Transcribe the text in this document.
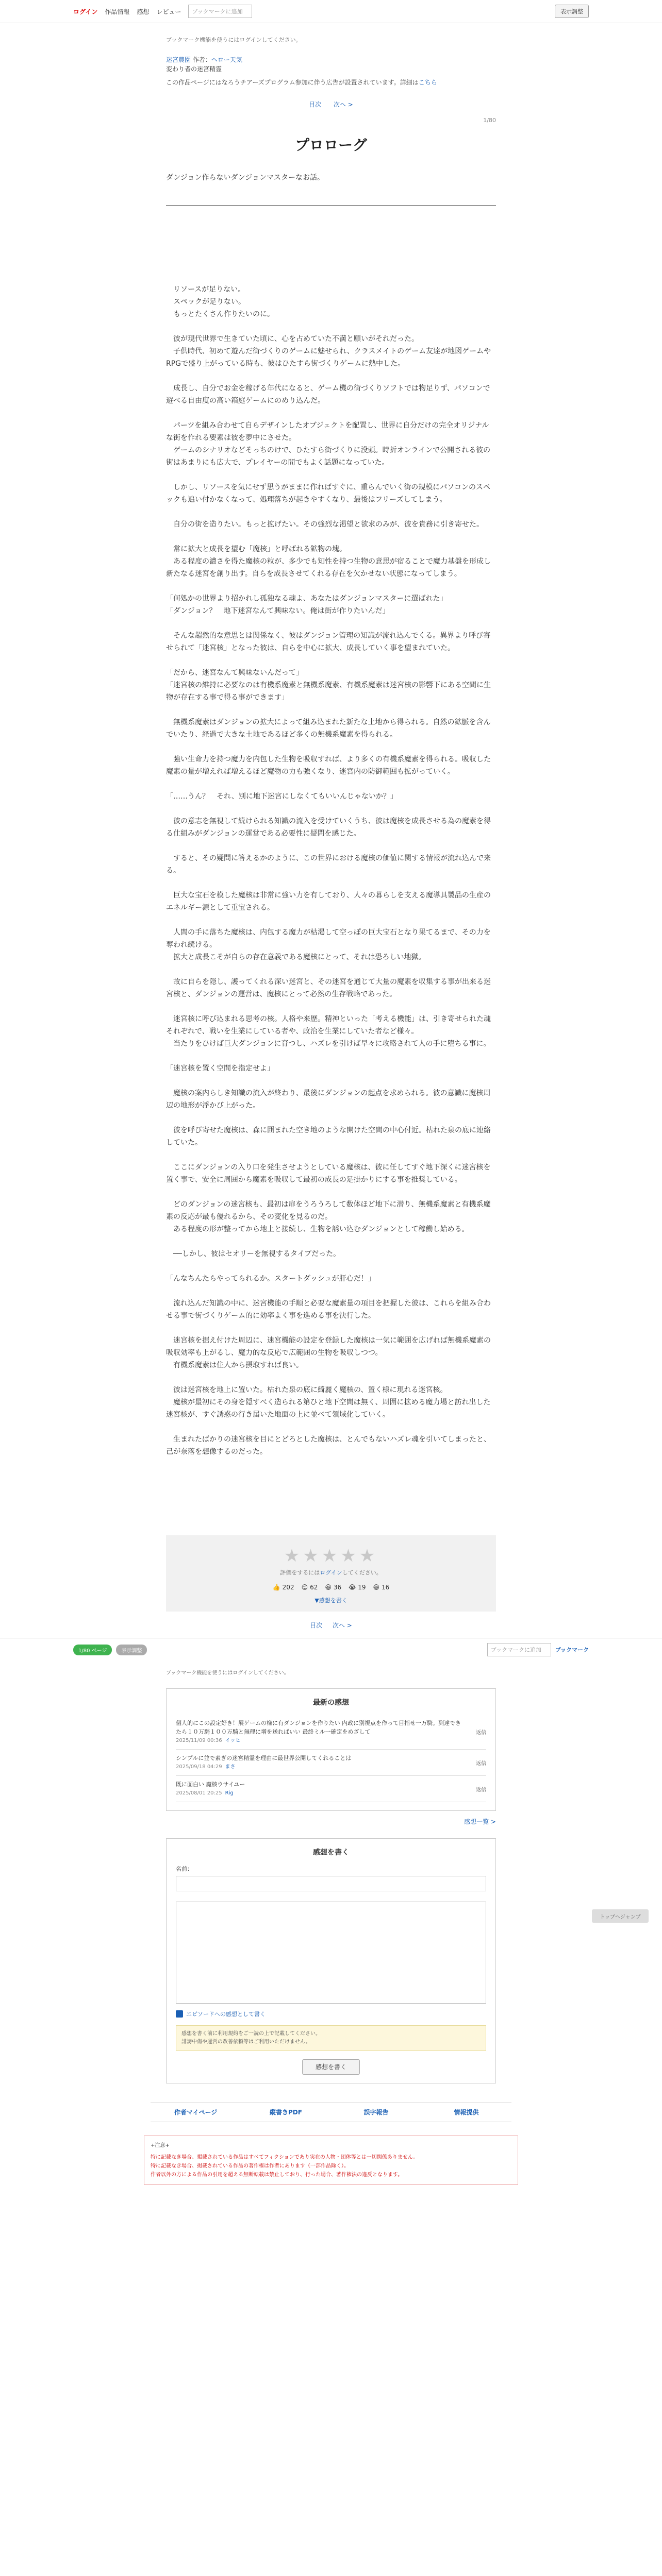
ログイン 作品情報 感想 レビュー	ブックマークに追加	表示調整
ブックマーク機能を使うにはログインしてください。
迷宮農園 作者：ヘロー天気
変わり者の迷宮精霊
この作品ページにはなろうチアーズプログラム参加に伴う広告が設置されています。詳細はこちら
目次 次へ >
1/80
プロローグ
ダンジョン作らないダンジョンマスターなお話。

　リソースが足りない。
　スペックが足りない。
　もっとたくさん作りたいのに。

　彼が現代世界で生きていた頃に、心を占めていた不満と願いがそれだった。
　子供時代、初めて遊んだ街づくりのゲームに魅せられ、クラスメイトのゲーム友達が地図ゲームやRPGで盛り上がっている時も、彼はひたすら街づくりゲームに熱中した。

　成長し、自分でお金を稼げる年代になると、ゲーム機の街づくりソフトでは物足りず、パソコンで遊べる自由度の高い箱庭ゲームにのめり込んだ。

　パーツを組み合わせて自らデザインしたオブジェクトを配置し、世界に自分だけの完全オリジナルな街を作れる要素は彼を夢中にさせた。
　ゲームのシナリオなどそっちのけで、ひたすら街づくりに没頭。時折オンラインで公開される彼の街はあまりにも広大で、プレイヤーの間でもよく話題になっていた。

　しかし、リソースを気にせず思うがままに作ればすぐに、重らんでいく街の規模にパソコンのスペックも追い付かなくなって、処理落ちが起きやすくなり、最後はフリーズしてしまう。

　自分の街を造りたい。もっと拡げたい。その強烈な渇望と欲求のみが、彼を貴務に引き寄せた。

　常に拡大と成長を望む「魔核」と呼ばれる鉱物の塊。
　ある程度の濃さを得た魔核の粒が、多少でも知性を持つ生物の意思が宿ることで魔力基盤を形成し新たなる迷宮を創り出す。自らを成長させてくれる存在を欠かせない状態になってしまう。

「何処かの世界より招かれし孤独なる魂よ、あなたはダンジョンマスターに選ばれた」
「ダンジョン？　地下迷宮なんて興味ない。俺は街が作りたいんだ」

　そんな超然的な意思とは関係なく、彼はダンジョン管理の知識が流れ込んでくる。異界より呼び寄せられて「迷宮核」となった彼は、自らを中心に拡大、成長していく事を望まれていた。

「だから、迷宮なんて興味ないんだって」
「迷宮核の維持に必要なのは有機系魔素と無機系魔素、有機系魔素は迷宮核の影響下にある空間に生物が存在する事で得る事ができます」

　無機系魔素はダンジョンの拡大によって組み込まれた新たな土地から得られる。自然の鉱脈を含んでいたり、経過で大きな土地であるほど多くの無機系魔素を得られる。

　強い生命力を持つ魔力を内包した生物を吸収すれば、より多くの有機系魔素を得られる。吸収した魔素の量が増えれば増えるほど魔物の力も強くなり、迷宮内の防御範囲も拡がっていく。

「……うん？　それ、別に地下迷宮にしなくてもいいんじゃないか？」

　彼の意志を無視して続けられる知識の流入を受けていくうち、彼は魔核を成長させる為の魔素を得る仕組みがダンジョンの運営である必要性に疑問を感じた。

　すると、その疑問に答えるかのように、この世界における魔核の価値に関する情報が流れ込んで来る。

　巨大な宝石を模した魔核は非常に強い力を有しており、人々の暮らしを支える魔導具製品の生産のエネルギー源として重宝される。

　人間の手に落ちた魔核は、内包する魔力が枯渇して空っぽの巨大宝石となり果てるまで、その力を奪われ続ける。
　拡大と成長こそが自らの存在意義である魔核にとって、それは恐ろしい地獄。

　故に自らを隠し、護ってくれる深い迷宮と、その迷宮を通じて大量の魔素を収集する事が出来る迷宮核と、ダンジョンの運営は、魔核にとって必然の生存戦略であった。

　迷宮核に呼び込まれる思考の核。人格や来歴。精神といった「考える機能」は、引き寄せられた魂それぞれで、戦いを生業にしている者や、政治を生業にしていた者など様々。
　当たりをひけば巨大ダンジョンに育つし、ハズレを引けば早々に攻略されて人の手に堕ちる事に。

「迷宮核を置く空間を指定せよ」

　魔核の案内らしき知識の流入が終わり、最後にダンジョンの起点を求められる。彼の意識に魔核周辺の地形が浮かび上がった。

　彼を呼び寄せた魔核は、森に囲まれた空き地のような開けた空間の中心付近。枯れた泉の底に連絡していた。

　ここにダンジョンの入り口を発生させようとしている魔核は、彼に任してすぐ地下深くに迷宮核を置く事で、安全に周囲から魔素を吸収して最初の成長の足掛かりにする事を推奨している。

　どのダンジョンの迷宮核も、最初は扉をうろうろして数体ほど地下に潜り、無機系魔素と有機系魔素の反応が最も優れるから、その変化を見るのだ。
　ある程度の形が整ってから地上と接続し、生物を誘い込むダンジョンとして稼働し始める。

　──しかし、彼はセオリーを無視するタイプだった。

「んなちんたらやってられるか。スタートダッシュが肝心だ！」

　流れ込んだ知識の中に、迷宮機能の手順と必要な魔素量の項目を把握した彼は、これらを組み合わせる事で街づくりゲーム的に効率よく事を進める事を決行した。

　迷宮核を据え付けた周辺に、迷宮機能の設定を登録した魔核は一気に範囲を広げれば無機系魔素の吸収効率も上がるし、魔力的な反応で広範囲の生物を吸収しつつ。
　有機系魔素は住人から摂取すれば良い。

　彼は迷宮核を地上に置いた。枯れた泉の底に綺麗く魔核の、置く様に現れる迷宮核。
　魔核が最初にその身を隠すべく造られる第ひと地下空間は無く、周囲に拡める魔力場と訪れ出した迷宮核が、すぐ誘惑の行き届いた地面の上に並べて領域化していく。

　生まれたばかりの迷宮核を目にとどろとした魔核は、とんでもないハズレ魂を引いてしまったと、己が奈落を想像するのだった。

★★★★★
評価をするにはログインしてください。
👍 202 😊 62 😆 36 😭 19 😄 16
▼感想を書く
目次 次へ >
1/80 ページ	表示調整	ブックマークに追加	ブックマーク
ブックマーク機能を使うにはログインしてください。
最新の感想
個人的にこの設定好き！展ゲームの様に有ダンジョンを作りたい 内政に別視点を作って目指せ一万騎。到達できたら１０万騎１００万騎と無理に増を送ればいい 最終ミル一確定をめざして
2025/11/09 00:36 イッヒ
返信
シンプルに並で素ぎの迷宮精霊を理由に最世界公開してくれることは
2025/09/18 04:29 まさ
返信
既に面白い 魔核ウサイユー
2025/08/01 20:25 Rig
返信
感想一覧 >
感想を書く
名前：
エピソードへの感想として書く
感想を書く前に利用規約をご一読の上で記載してください。
誹謗中傷や運営の改善依頼等はご利用いただけません。
感想を書く
作者マイページ	縦書きPDF	誤字報告	情報提供
+注意+
特に記載なき場合、掲載されている作品はすべてフィクションであり実在の人物・団体等とは一切関係ありません。
特に記載なき場合、掲載されている作品の著作権は作者にあります（一部作品除く）。
作者以外の方による作品の引用を超える無断転載は禁止しており、行った場合、著作権法の違反となります。
トップへジャンプ
